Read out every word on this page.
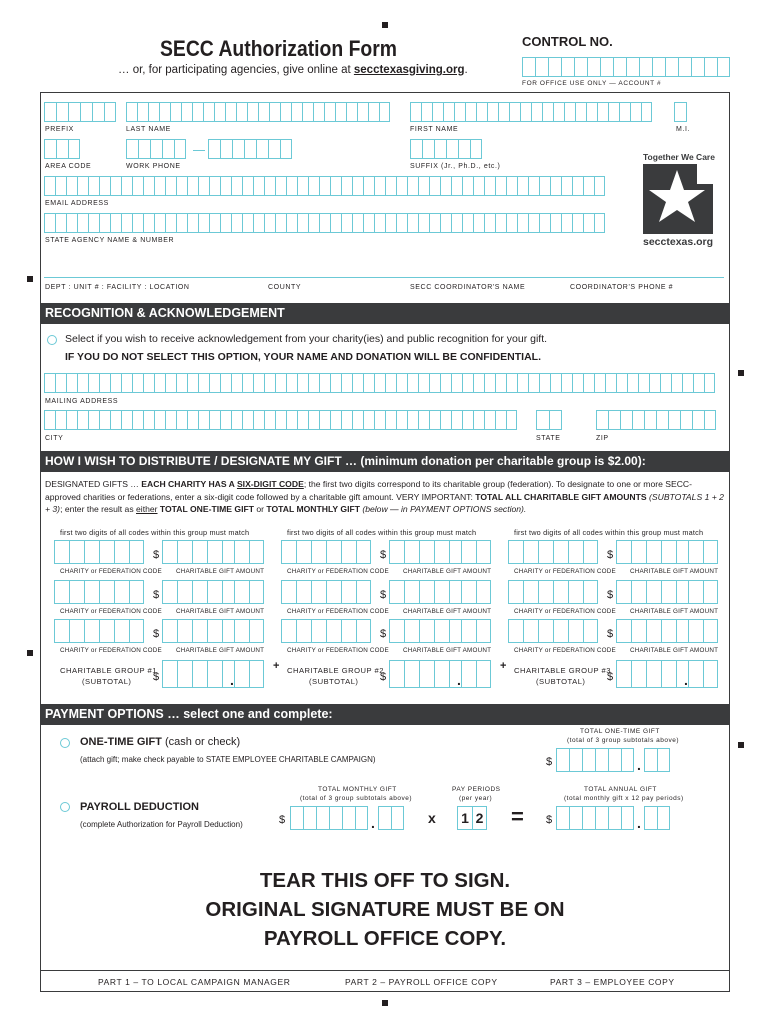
SECC Authorization Form
… or, for participating agencies, give online at secctexasgiving.org.
CONTROL NO.
FOR OFFICE USE ONLY — ACCOUNT #
PREFIX	LAST NAME	FIRST NAME	M.I.
AREA CODE	WORK PHONE	SUFFIX (Jr., Ph.D., etc.)
EMAIL ADDRESS
STATE AGENCY NAME & NUMBER
Together We Care
secctexas.org
DEPT : UNIT # : FACILITY : LOCATION	COUNTY	SECC COORDINATOR'S NAME	COORDINATOR'S PHONE #
RECOGNITION & ACKNOWLEDGEMENT
Select if you wish to receive acknowledgement from your charity(ies) and public recognition for your gift.
IF YOU DO NOT SELECT THIS OPTION, YOUR NAME AND DONATION WILL BE CONFIDENTIAL.
MAILING ADDRESS
CITY	STATE	ZIP
HOW I WISH TO DISTRIBUTE / DESIGNATE MY GIFT … (minimum donation per charitable group is $2.00):
DESIGNATED GIFTS … EACH CHARITY HAS A SIX-DIGIT CODE; the first two digits correspond to its charitable group (federation). To designate to one or more SECC-approved charities or federations, enter a six-digit code followed by a charitable gift amount. VERY IMPORTANT: TOTAL ALL CHARITABLE GIFT AMOUNTS (SUBTOTALS 1 + 2 + 3); enter the result as either TOTAL ONE-TIME GIFT or TOTAL MONTHLY GIFT (below — in PAYMENT OPTIONS section).
first two digits of all codes within this group must match
$
CHARITY or FEDERATION CODE CHARITABLE GIFT AMOUNT
$
CHARITY or FEDERATION CODE CHARITABLE GIFT AMOUNT
$
CHARITY or FEDERATION CODE CHARITABLE GIFT AMOUNT
CHARITABLE GROUP #1
(SUBTOTAL) $	.
first two digits of all codes within this group must match
$
CHARITY or FEDERATION CODE CHARITABLE GIFT AMOUNT
$
CHARITY or FEDERATION CODE CHARITABLE GIFT AMOUNT
$
CHARITY or FEDERATION CODE CHARITABLE GIFT AMOUNT
CHARITABLE GROUP #2
(SUBTOTAL) $	.
+
first two digits of all codes within this group must match
$
CHARITY or FEDERATION CODE CHARITABLE GIFT AMOUNT
$
CHARITY or FEDERATION CODE CHARITABLE GIFT AMOUNT
$
CHARITY or FEDERATION CODE CHARITABLE GIFT AMOUNT
CHARITABLE GROUP #3
(SUBTOTAL) $	.
+
PAYMENT OPTIONS … select one and complete:
ONE-TIME GIFT (cash or check)
(attach gift; make check payable to STATE EMPLOYEE CHARITABLE CAMPAIGN)
TOTAL ONE-TIME GIFT
(total of 3 group subtotals above)
$	.
TOTAL MONTHLY GIFT
(total of 3 group subtotals above)
PAY PERIODS
(per year)
TOTAL ANNUAL GIFT
(total monthly gift x 12 pay periods)
PAYROLL DEDUCTION
(complete Authorization for Payroll Deduction)	$	.	x 1 2 = $	.
TEAR THIS OFF TO SIGN.
ORIGINAL SIGNATURE MUST BE ON
PAYROLL OFFICE COPY.
PART 1 – TO LOCAL CAMPAIGN MANAGER	PART 2 – PAYROLL OFFICE COPY	PART 3 – EMPLOYEE COPY
